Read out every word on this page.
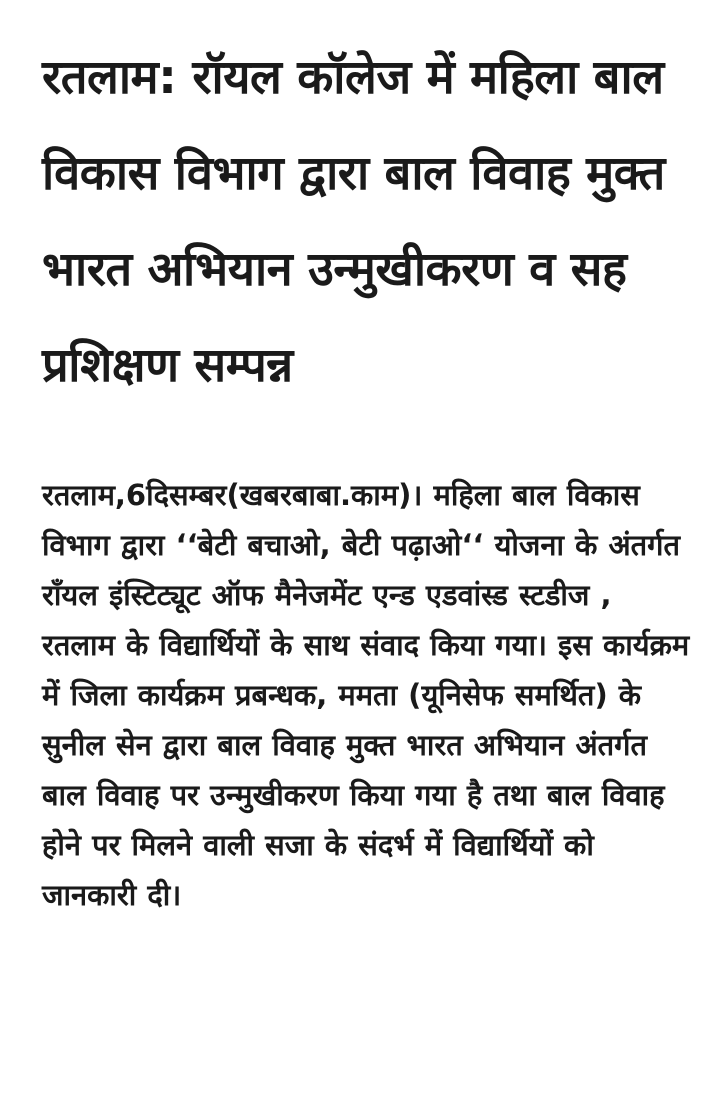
रतलाम: रॉयल कॉलेज में महिला बाल विकास विभाग द्वारा बाल विवाह मुक्त भारत अभियान उन्मुखीकरण व सह प्रशिक्षण सम्पन्न

रतलाम,6दिसम्बर(खबरबाबा.काम)। महिला बाल विकास विभाग द्वारा ‘‘बेटी बचाओ, बेटी पढ़ाओ‘‘ योजना के अंतर्गत राँयल इंस्टिट्यूट ऑफ मैनेजमेंट एन्ड एडवांस्ड स्टडीज , रतलाम के विद्यार्थियों के साथ संवाद किया गया। इस कार्यक्रम में जिला कार्यक्रम प्रबन्धक, ममता (यूनिसेफ समर्थित) के सुनील सेन द्वारा बाल विवाह मुक्त भारत अभियान अंतर्गत बाल विवाह पर उन्मुखीकरण किया गया है तथा बाल विवाह होने पर मिलने वाली सजा के संदर्भ में विद्यार्थियों को जानकारी दी।
